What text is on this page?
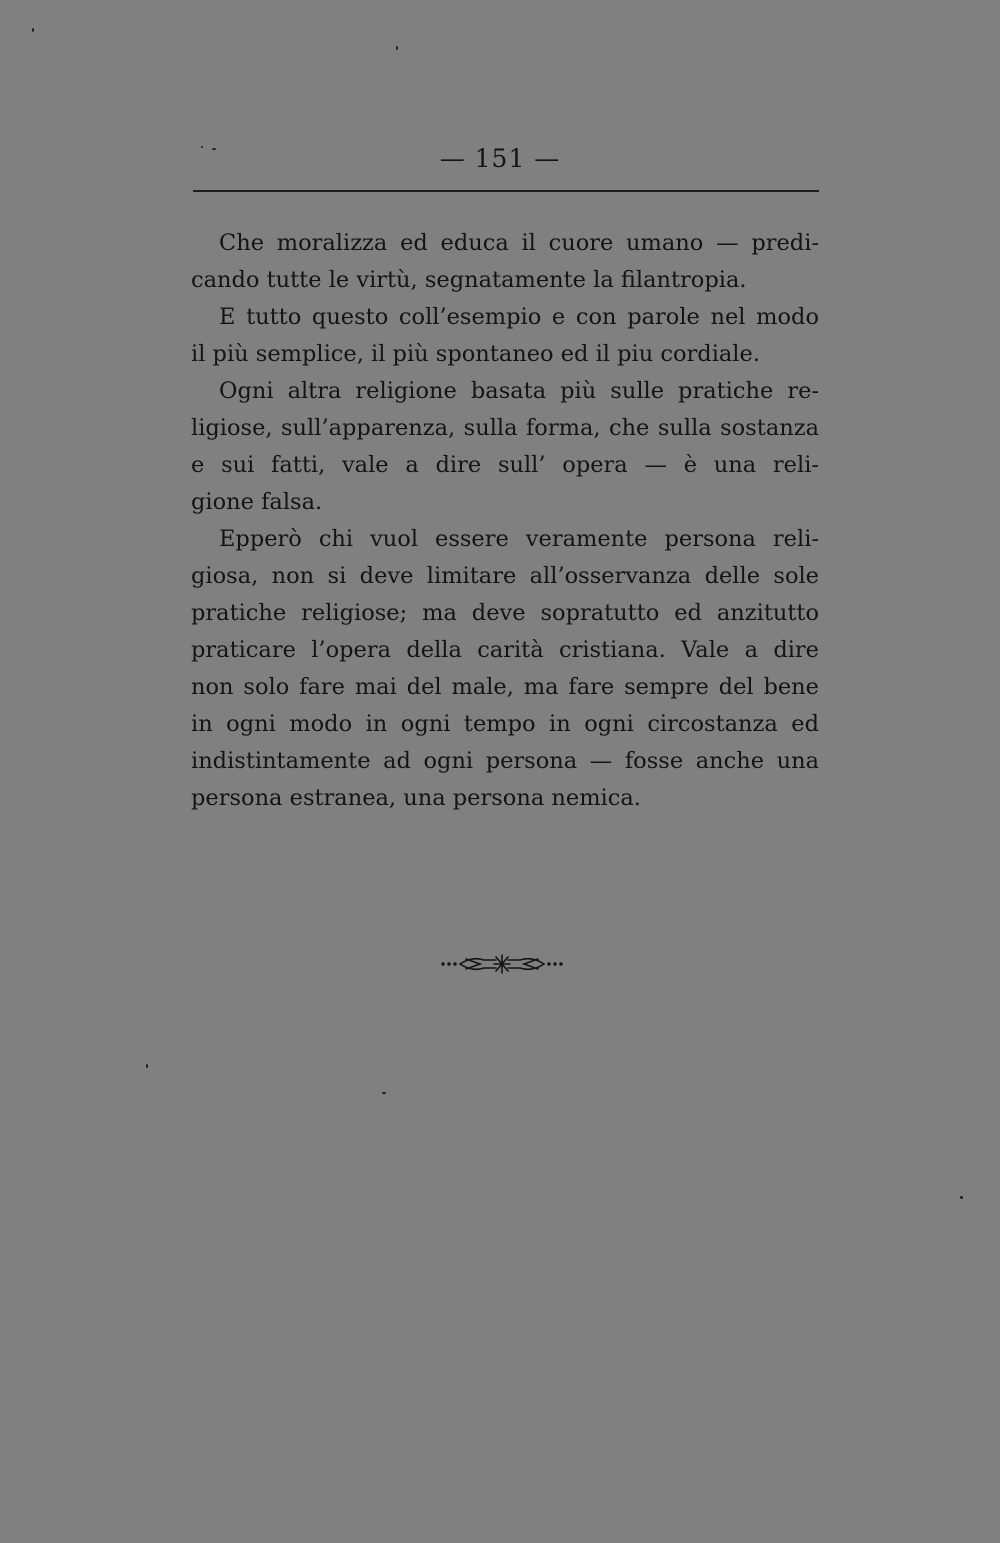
— 151 —
Che moralizza ed educa il cuore umano — predi-
cando tutte le virtù, segnatamente la filantropia.
E tutto questo coll’esempio e con parole nel modo
il più semplice, il più spontaneo ed il piu cordiale.
Ogni altra religione basata più sulle pratiche re-
ligiose, sull’apparenza, sulla forma, che sulla sostanza
e sui fatti, vale a dire sull’ opera — è una reli-
gione falsa.
Epperò chi vuol essere veramente persona reli-
giosa, non si deve limitare all’osservanza delle sole
pratiche religiose; ma deve sopratutto ed anzitutto
praticare l’opera della carità cristiana. Vale a dire
non solo fare mai del male, ma fare sempre del bene
in ogni modo in ogni tempo in ogni circostanza ed
indistintamente ad ogni persona — fosse anche una
persona estranea, una persona nemica.
